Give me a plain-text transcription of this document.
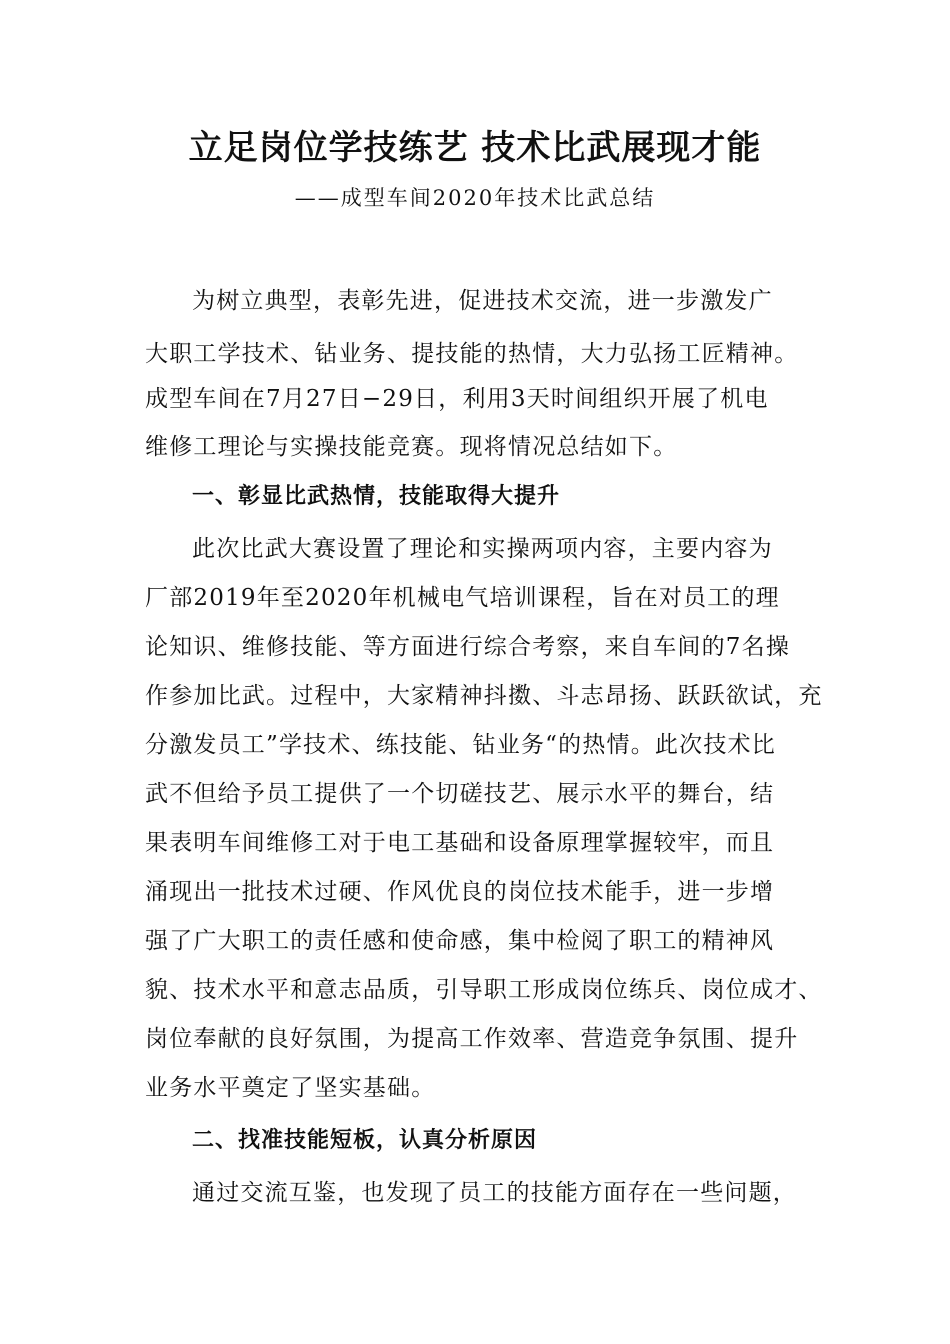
立足岗位学技练艺 技术比武展现才能
——成型车间2020年技术比武总结
为树立典型，表彰先进，促进技术交流，进一步激发广
大职工学技术、钻业务、提技能的热情，大力弘扬工匠精神。
成型车间在7月27日−29日，利用3天时间组织开展了机电
维修工理论与实操技能竞赛。现将情况总结如下。
一、彰显比武热情，技能取得大提升
此次比武大赛设置了理论和实操两项内容，主要内容为
厂部2019年至2020年机械电气培训课程，旨在对员工的理
论知识、维修技能、等方面进行综合考察，来自车间的7名操
作参加比武。过程中，大家精神抖擞、斗志昂扬、跃跃欲试，充
分激发员工”学技术、练技能、钻业务“的热情。此次技术比
武不但给予员工提供了一个切磋技艺、展示水平的舞台，结
果表明车间维修工对于电工基础和设备原理掌握较牢，而且
涌现出一批技术过硬、作风优良的岗位技术能手，进一步增
强了广大职工的责任感和使命感，集中检阅了职工的精神风
貌、技术水平和意志品质，引导职工形成岗位练兵、岗位成才、
岗位奉献的良好氛围，为提高工作效率、营造竞争氛围、提升
业务水平奠定了坚实基础。
二、找准技能短板，认真分析原因
通过交流互鉴，也发现了员工的技能方面存在一些问题，
